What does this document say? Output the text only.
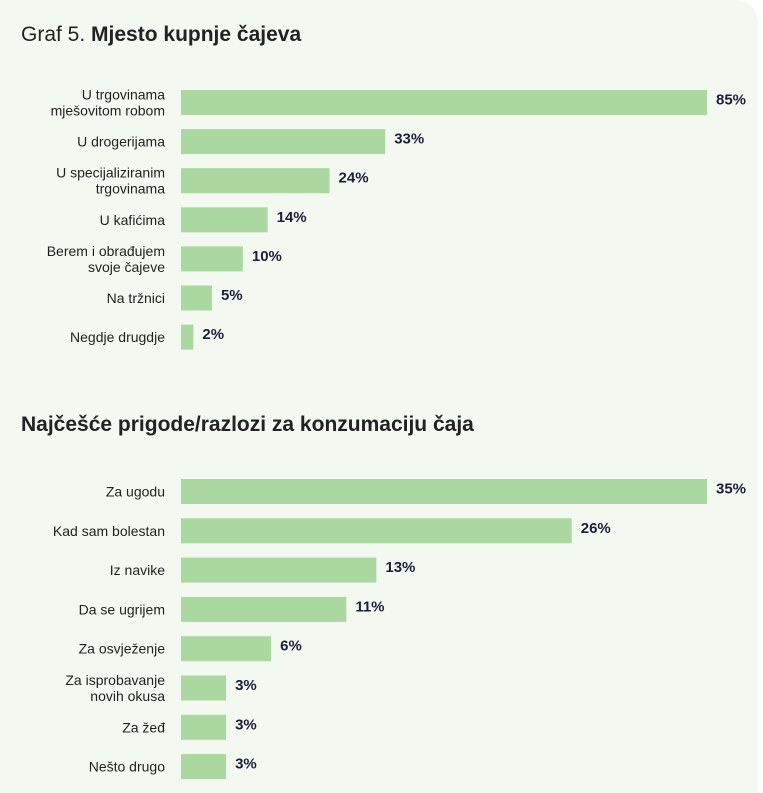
Graf 5. Mjesto kupnje čajeva
U trgovinama mješovitom robom
85%
U drogerijama	33%
U specijaliziranim trgovinama
24%
U kafićima	14%
Berem i obrađujem svoje čajeve
10%
Na tržnici	5%
Negdje drugdje 2%
Najčešće prigode/razlozi za konzumaciju čaja
Za ugodu	35%
Kad sam bolestan	26%
Iz navike	13%
Da se ugrijem	11%
Za osvježenje	6%
Za isprobavanje novih okusa
3%
Za žeđ	3%
Nešto drugo	3%
